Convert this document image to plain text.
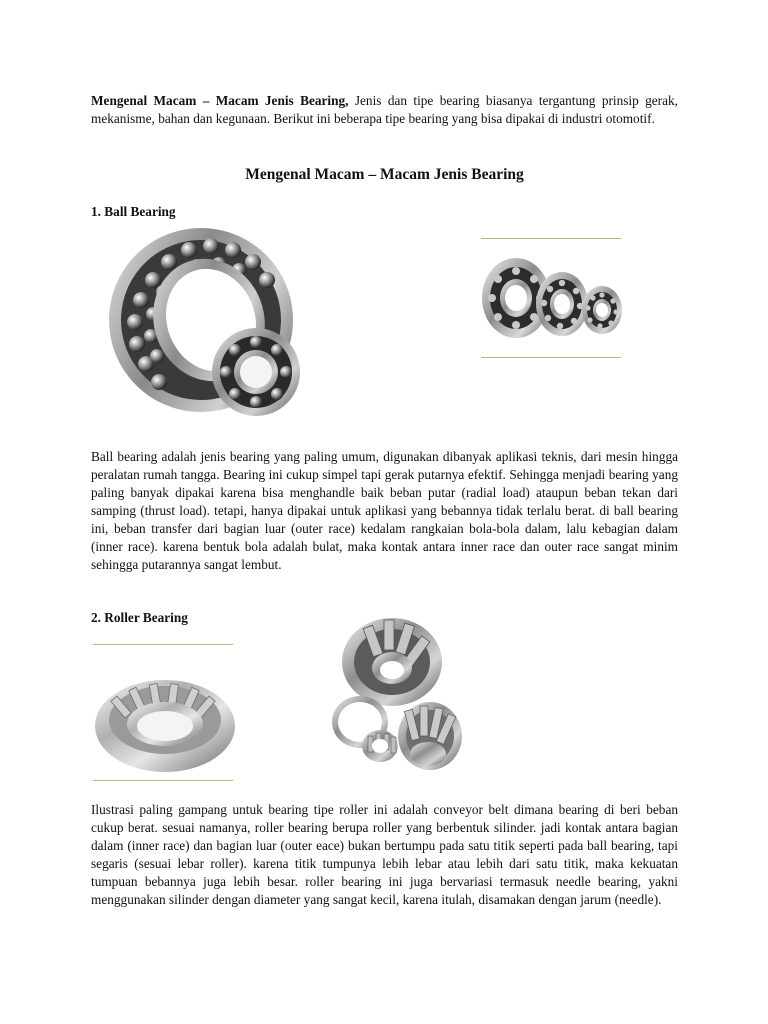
Mengenal Macam – Macam Jenis Bearing, Jenis dan tipe bearing biasanya tergantung prinsip gerak, mekanisme, bahan dan kegunaan. Berikut ini beberapa tipe bearing yang bisa dipakai di industri otomotif.

Mengenal Macam – Macam Jenis Bearing
1. Ball Bearing

Ball bearing adalah jenis bearing yang paling umum, digunakan dibanyak aplikasi teknis, dari mesin hingga peralatan rumah tangga. Bearing ini cukup simpel tapi gerak putarnya efektif. Sehingga menjadi bearing yang paling banyak dipakai karena bisa menghandle baik beban putar (radial load) ataupun beban tekan dari samping (thrust load). tetapi, hanya dipakai untuk aplikasi yang bebannya tidak terlalu berat. di ball bearing ini, beban transfer dari bagian luar (outer race) kedalam rangkaian bola-bola dalam, lalu kebagian dalam (inner race). karena bentuk bola adalah bulat, maka kontak antara inner race dan outer race sangat minim sehingga putarannya sangat lembut.

2. Roller Bearing

Ilustrasi paling gampang untuk bearing tipe roller ini adalah conveyor belt dimana bearing di beri beban cukup berat. sesuai namanya, roller bearing berupa roller yang berbentuk silinder. jadi kontak antara bagian dalam (inner race) dan bagian luar (outer eace) bukan bertumpu pada satu titik seperti pada ball bearing, tapi segaris (sesuai lebar roller). karena titik tumpunya lebih lebar atau lebih dari satu titik, maka kekuatan tumpuan bebannya juga lebih besar. roller bearing ini juga bervariasi termasuk needle bearing, yakni menggunakan silinder dengan diameter yang sangat kecil, karena itulah, disamakan dengan jarum (needle).
